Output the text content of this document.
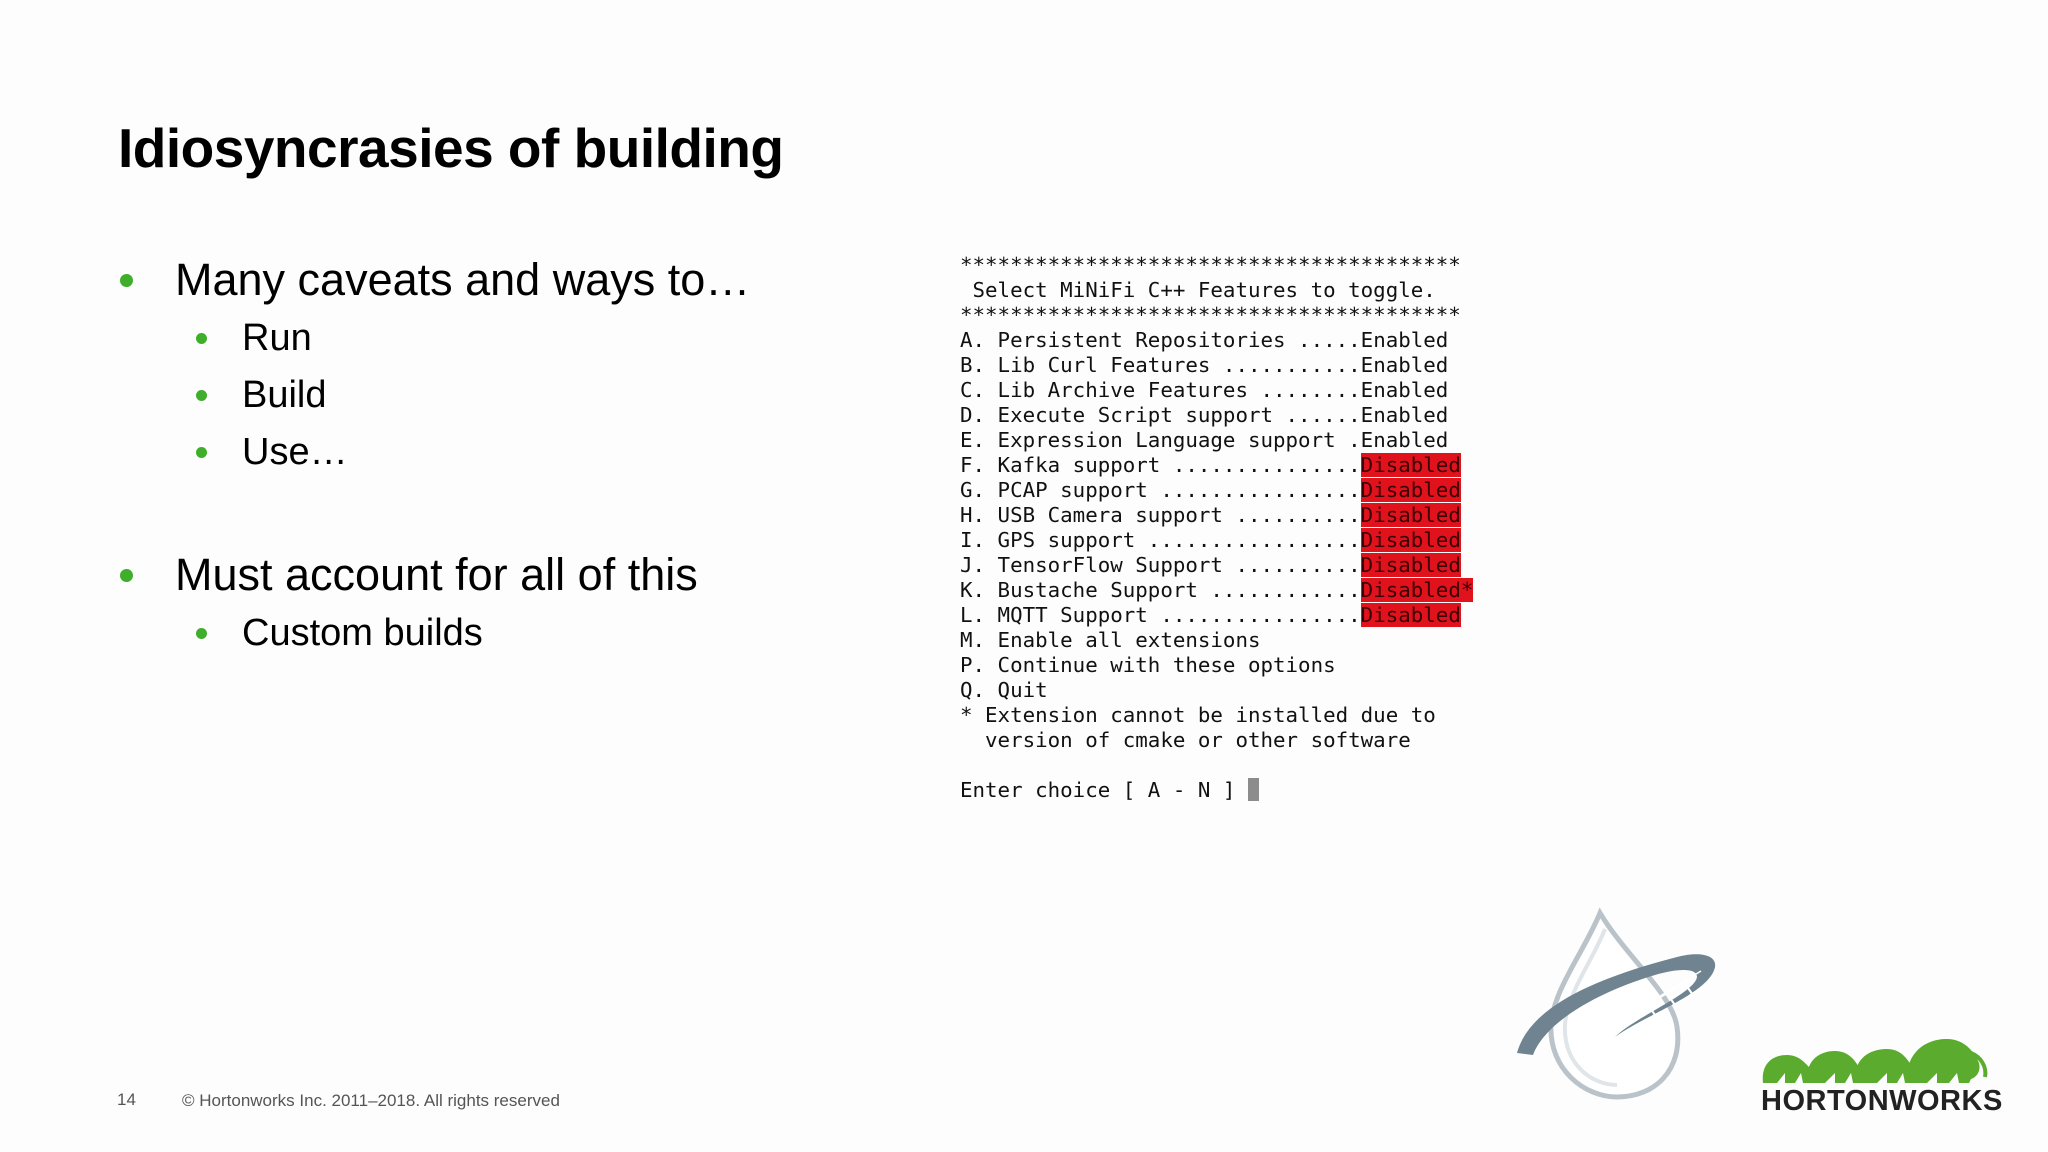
Idiosyncrasies of building
Many caveats and ways to…
Run
Build
Use…
Must account for all of this
Custom builds
****************************************
Select MiNiFi C++ Features to toggle.
****************************************
A. Persistent Repositories .....Enabled
B. Lib Curl Features ...........Enabled
C. Lib Archive Features ........Enabled
D. Execute Script support ......Enabled
E. Expression Language support .Enabled
F. Kafka support ...............Disabled
G. PCAP support ................Disabled
H. USB Camera support ..........Disabled
I. GPS support .................Disabled
J. TensorFlow Support ..........Disabled
K. Bustache Support ............Disabled*
L. MQTT Support ................Disabled
M. Enable all extensions
P. Continue with these options
Q. Quit
* Extension cannot be installed due to
version of cmake or other software
Enter choice [ A - N ]
14	© Hortonworks Inc. 2011–2018. All rights reserved	HORTONWORKS
